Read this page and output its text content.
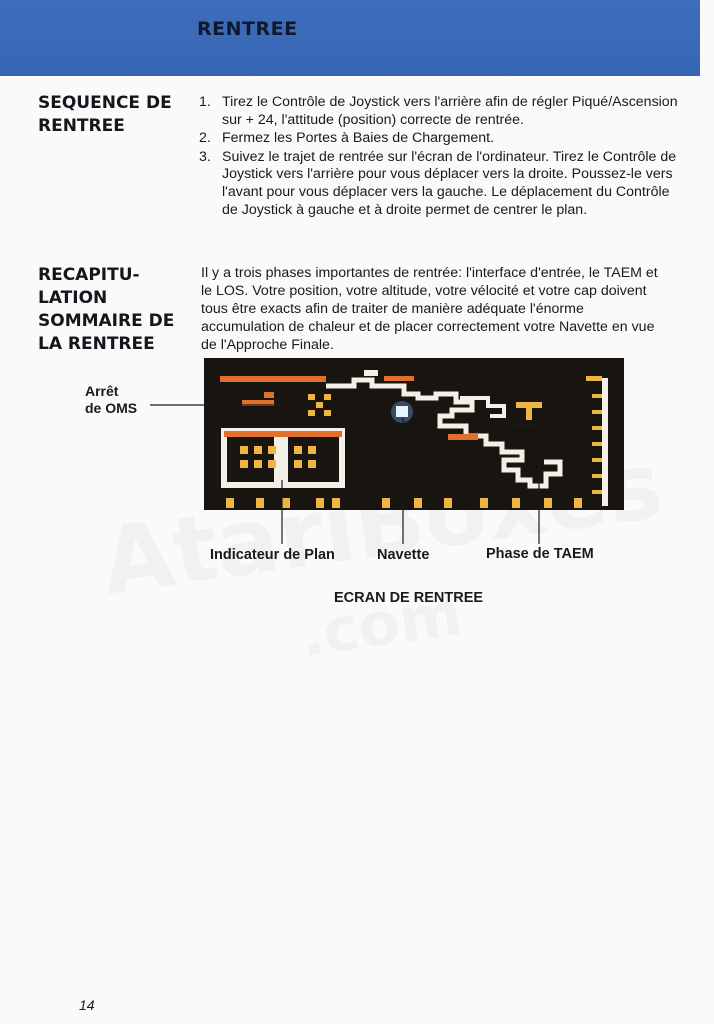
RENTREE
SEQUENCE DE
RENTREE
1. Tirez le Contrôle de Joystick vers l'arrière afin de régler Piqué/Ascension sur + 24, l'attitude (position) correcte de rentrée.
2. Fermez les Portes à Baies de Chargement.
3. Suivez le trajet de rentrée sur l'écran de l'ordinateur. Tirez le Contrôle de Joystick vers l'arrière pour vous déplacer vers la droite. Poussez-le vers l'avant pour vous déplacer vers la gauche. Le déplacement du Contrôle de Joystick à gauche et à droite permet de centrer le plan.
RECAPITU-
LATION
SOMMAIRE DE
LA RENTREE

Il y a trois phases importantes de rentrée: l'interface d'entrée, le TAEM et le LOS. Votre position, votre altitude, votre vélocité et votre cap doivent tous être exacts afin de traiter de manière adéquate l'énorme accumulation de chaleur et de placer correctement votre Navette en vue de l'Approche Finale.

Arrêt
de OMS
Indicateur de Plan	Navette	Phase de TAEM
ECRAN DE RENTREE
14
